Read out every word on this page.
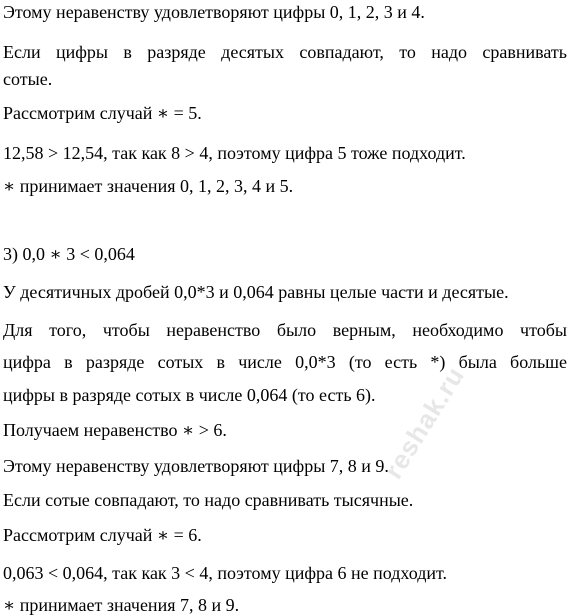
Этому неравенству удовлетворяют цифры 0, 1, 2, 3 и 4.
Если цифры в разряде десятых совпадают, то надо сравнивать
сотые.
Рассмотрим случай ∗ = 5.
12,58 > 12,54, так как 8 > 4, поэтому цифра 5 тоже подходит.
∗ принимает значения 0, 1, 2, 3, 4 и 5.
3) 0,0 ∗ 3 < 0,064
У десятичных дробей 0,0*3 и 0,064 равны целые части и десятые.
Для того, чтобы неравенство было верным, необходимо чтобы
цифра в разряде сотых в числе 0,0*3 (то есть *) была больше
цифры в разряде сотых в числе 0,064 (то есть 6).
Получаем неравенство ∗ > 6.
Этому неравенству удовлетворяют цифры 7, 8 и 9.
Если сотые совпадают, то надо сравнивать тысячные.
Рассмотрим случай ∗ = 6.
0,063 < 0,064, так как 3 < 4, поэтому цифра 6 не подходит.
∗ принимает значения 7, 8 и 9.
reshak.ru
